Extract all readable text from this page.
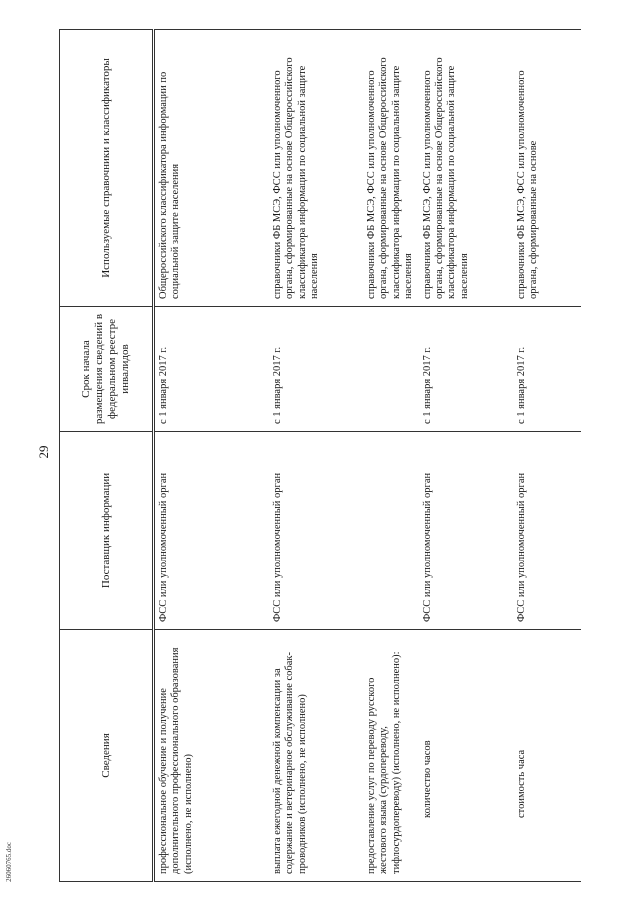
29
Сведения	Поставщик информации	Срок начала размещения сведений в федеральном реестре инвалидов	Используемые справочники и классификаторы
профессиональное обучение и получение дополнительного профессионального образования (исполнено, не исполнено)	ФСС или уполномоченный орган	с 1 января 2017 г.	Общероссийского классификатора информации по социальной защите населения
выплата ежегодной денежной компенсации за содержание и ветеринарное обслуживание собак-проводников (исполнено, не исполнено)	ФСС или уполномоченный орган	с 1 января 2017 г.	справочники ФБ МСЭ, ФСС или уполномоченного органа, сформированные на основе Общероссийского классификатора информации по социальной защите населения
предоставление услуг по переводу русского жестового языка (сурдопереводу, тифлосурдопереводу) (исполнено, не исполнено):			справочники ФБ МСЭ, ФСС или уполномоченного органа, сформированные на основе Общероссийского классификатора информации по социальной защите населения
количество часов	ФСС или уполномоченный орган	с 1 января 2017 г.	справочники ФБ МСЭ, ФСС или уполномоченного органа, сформированные на основе Общероссийского классификатора информации по социальной защите населения
стоимость часа	ФСС или уполномоченный орган	с 1 января 2017 г.	справочники ФБ МСЭ, ФСС или уполномоченного органа, сформированные на основе
26060765.doc
